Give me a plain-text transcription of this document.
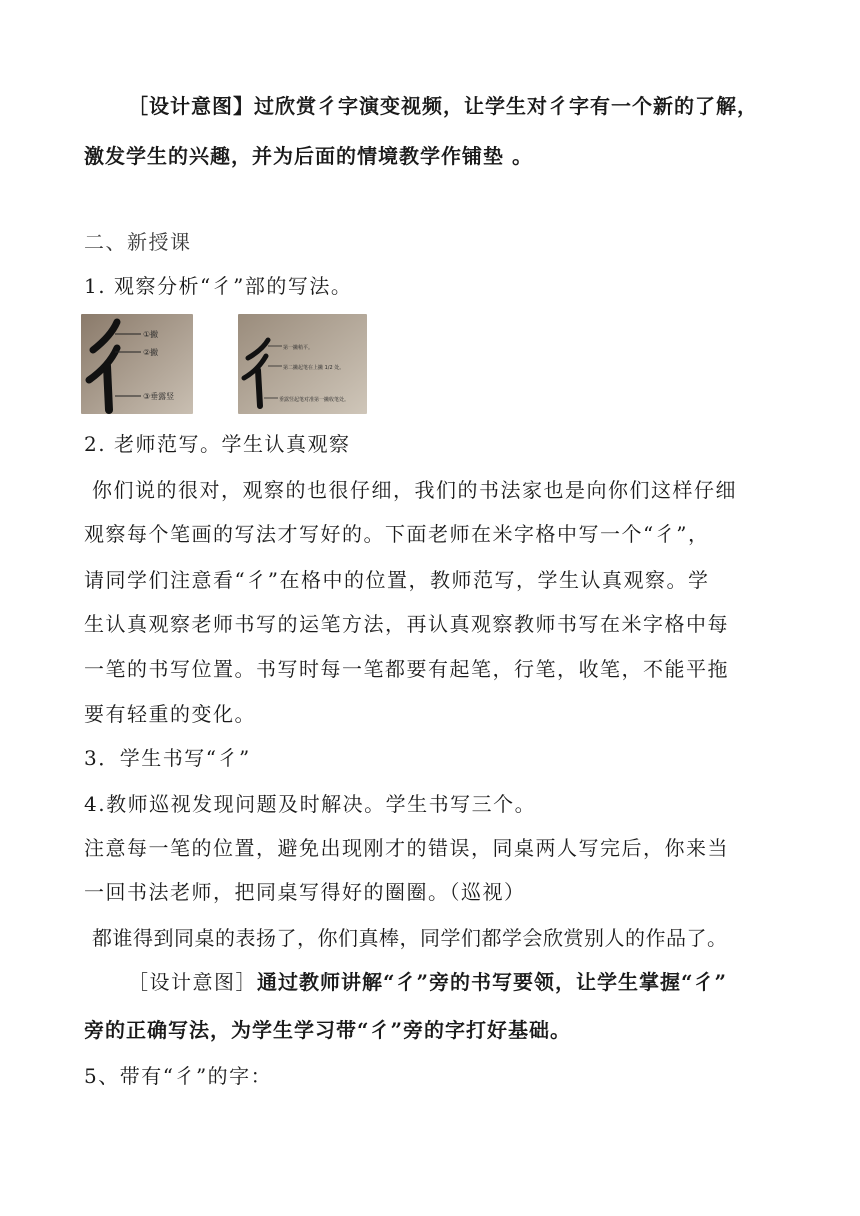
［设计意图】过欣赏彳字演变视频，让学生对彳字有一个新的了解，
激发学生的兴趣，并为后面的情境教学作铺垫 。
二、新授课
1. 观察分析“彳”部的写法。
①撇
②撇
③垂露竖
第一撇稍平。
第二撇起笔在上撇 1/2 处。
垂露竖起笔对准第一撇收笔处。
2. 老师范写。学生认真观察
你们说的很对，观察的也很仔细，我们的书法家也是向你们这样仔细
观察每个笔画的写法才写好的。下面老师在米字格中写一个“彳”，
请同学们注意看“彳”在格中的位置，教师范写，学生认真观察。学
生认真观察老师书写的运笔方法，再认真观察教师书写在米字格中每
一笔的书写位置。书写时每一笔都要有起笔，行笔，收笔，不能平拖
要有轻重的变化。
3．学生书写“彳”
4.教师巡视发现问题及时解决。学生书写三个。
注意每一笔的位置，避免出现刚才的错误，同桌两人写完后，你来当
一回书法老师，把同桌写得好的圈圈。（巡视）
都谁得到同桌的表扬了，你们真棒，同学们都学会欣赏别人的作品了。
［设计意图］通过教师讲解“彳”旁的书写要领，让学生掌握“彳”
旁的正确写法，为学生学习带“彳”旁的字打好基础。
5、带有“彳”的字：
